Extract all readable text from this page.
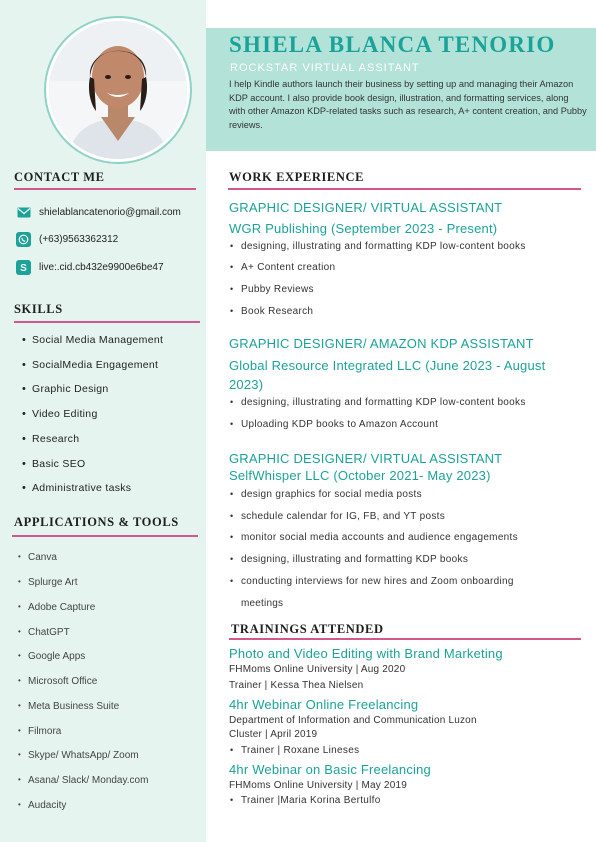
SHIELA BLANCA TENORIO
ROCKSTAR VIRTUAL ASSITANT
I help Kindle authors launch their business by setting up and managing their Amazon KDP account. I also provide book design, illustration, and formatting services, along with other Amazon KDP-related tasks such as research, A+ content creation, and Pubby reviews.
CONTACT ME
shielablancatenorio@gmail.com
(+63)9563362312
S live:.cid.cb432e9900e6be47
SKILLS
• Social Media Management
• SocialMedia Engagement
• Graphic Design
• Video Editing
• Research
• Basic SEO
• Administrative tasks
APPLICATIONS & TOOLS
• Canva
• Splurge Art
• Adobe Capture
• ChatGPT
• Google Apps
• Microsoft Office
• Meta Business Suite
• Filmora
• Skype/ WhatsApp/ Zoom
• Asana/ Slack/ Monday.com
• Audacity
WORK EXPERIENCE
GRAPHIC DESIGNER/ VIRTUAL ASSISTANT
WGR Publishing (September 2023 - Present)
• designing, illustrating and formatting KDP low-content books
• A+ Content creation
• Pubby Reviews
• Book Research
GRAPHIC DESIGNER/ AMAZON KDP ASSISTANT
Global Resource Integrated LLC (June 2023 - August
2023)
• designing, illustrating and formatting KDP low-content books
• Uploading KDP books to Amazon Account
GRAPHIC DESIGNER/ VIRTUAL ASSISTANT
SelfWhisper LLC (October 2021- May 2023)
• design graphics for social media posts
• schedule calendar for IG, FB, and YT posts
• monitor social media accounts and audience engagements
• designing, illustrating and formatting KDP books
• conducting interviews for new hires and Zoom onboarding
meetings
TRAININGS ATTENDED
Photo and Video Editing with Brand Marketing
FHMoms Online University | Aug 2020
Trainer | Kessa Thea Nielsen
4hr Webinar Online Freelancing
Department of Information and Communication Luzon
Cluster | April 2019
• Trainer | Roxane Lineses
4hr Webinar on Basic Freelancing
FHMoms Online University | May 2019
• Trainer |Maria Korina Bertulfo
